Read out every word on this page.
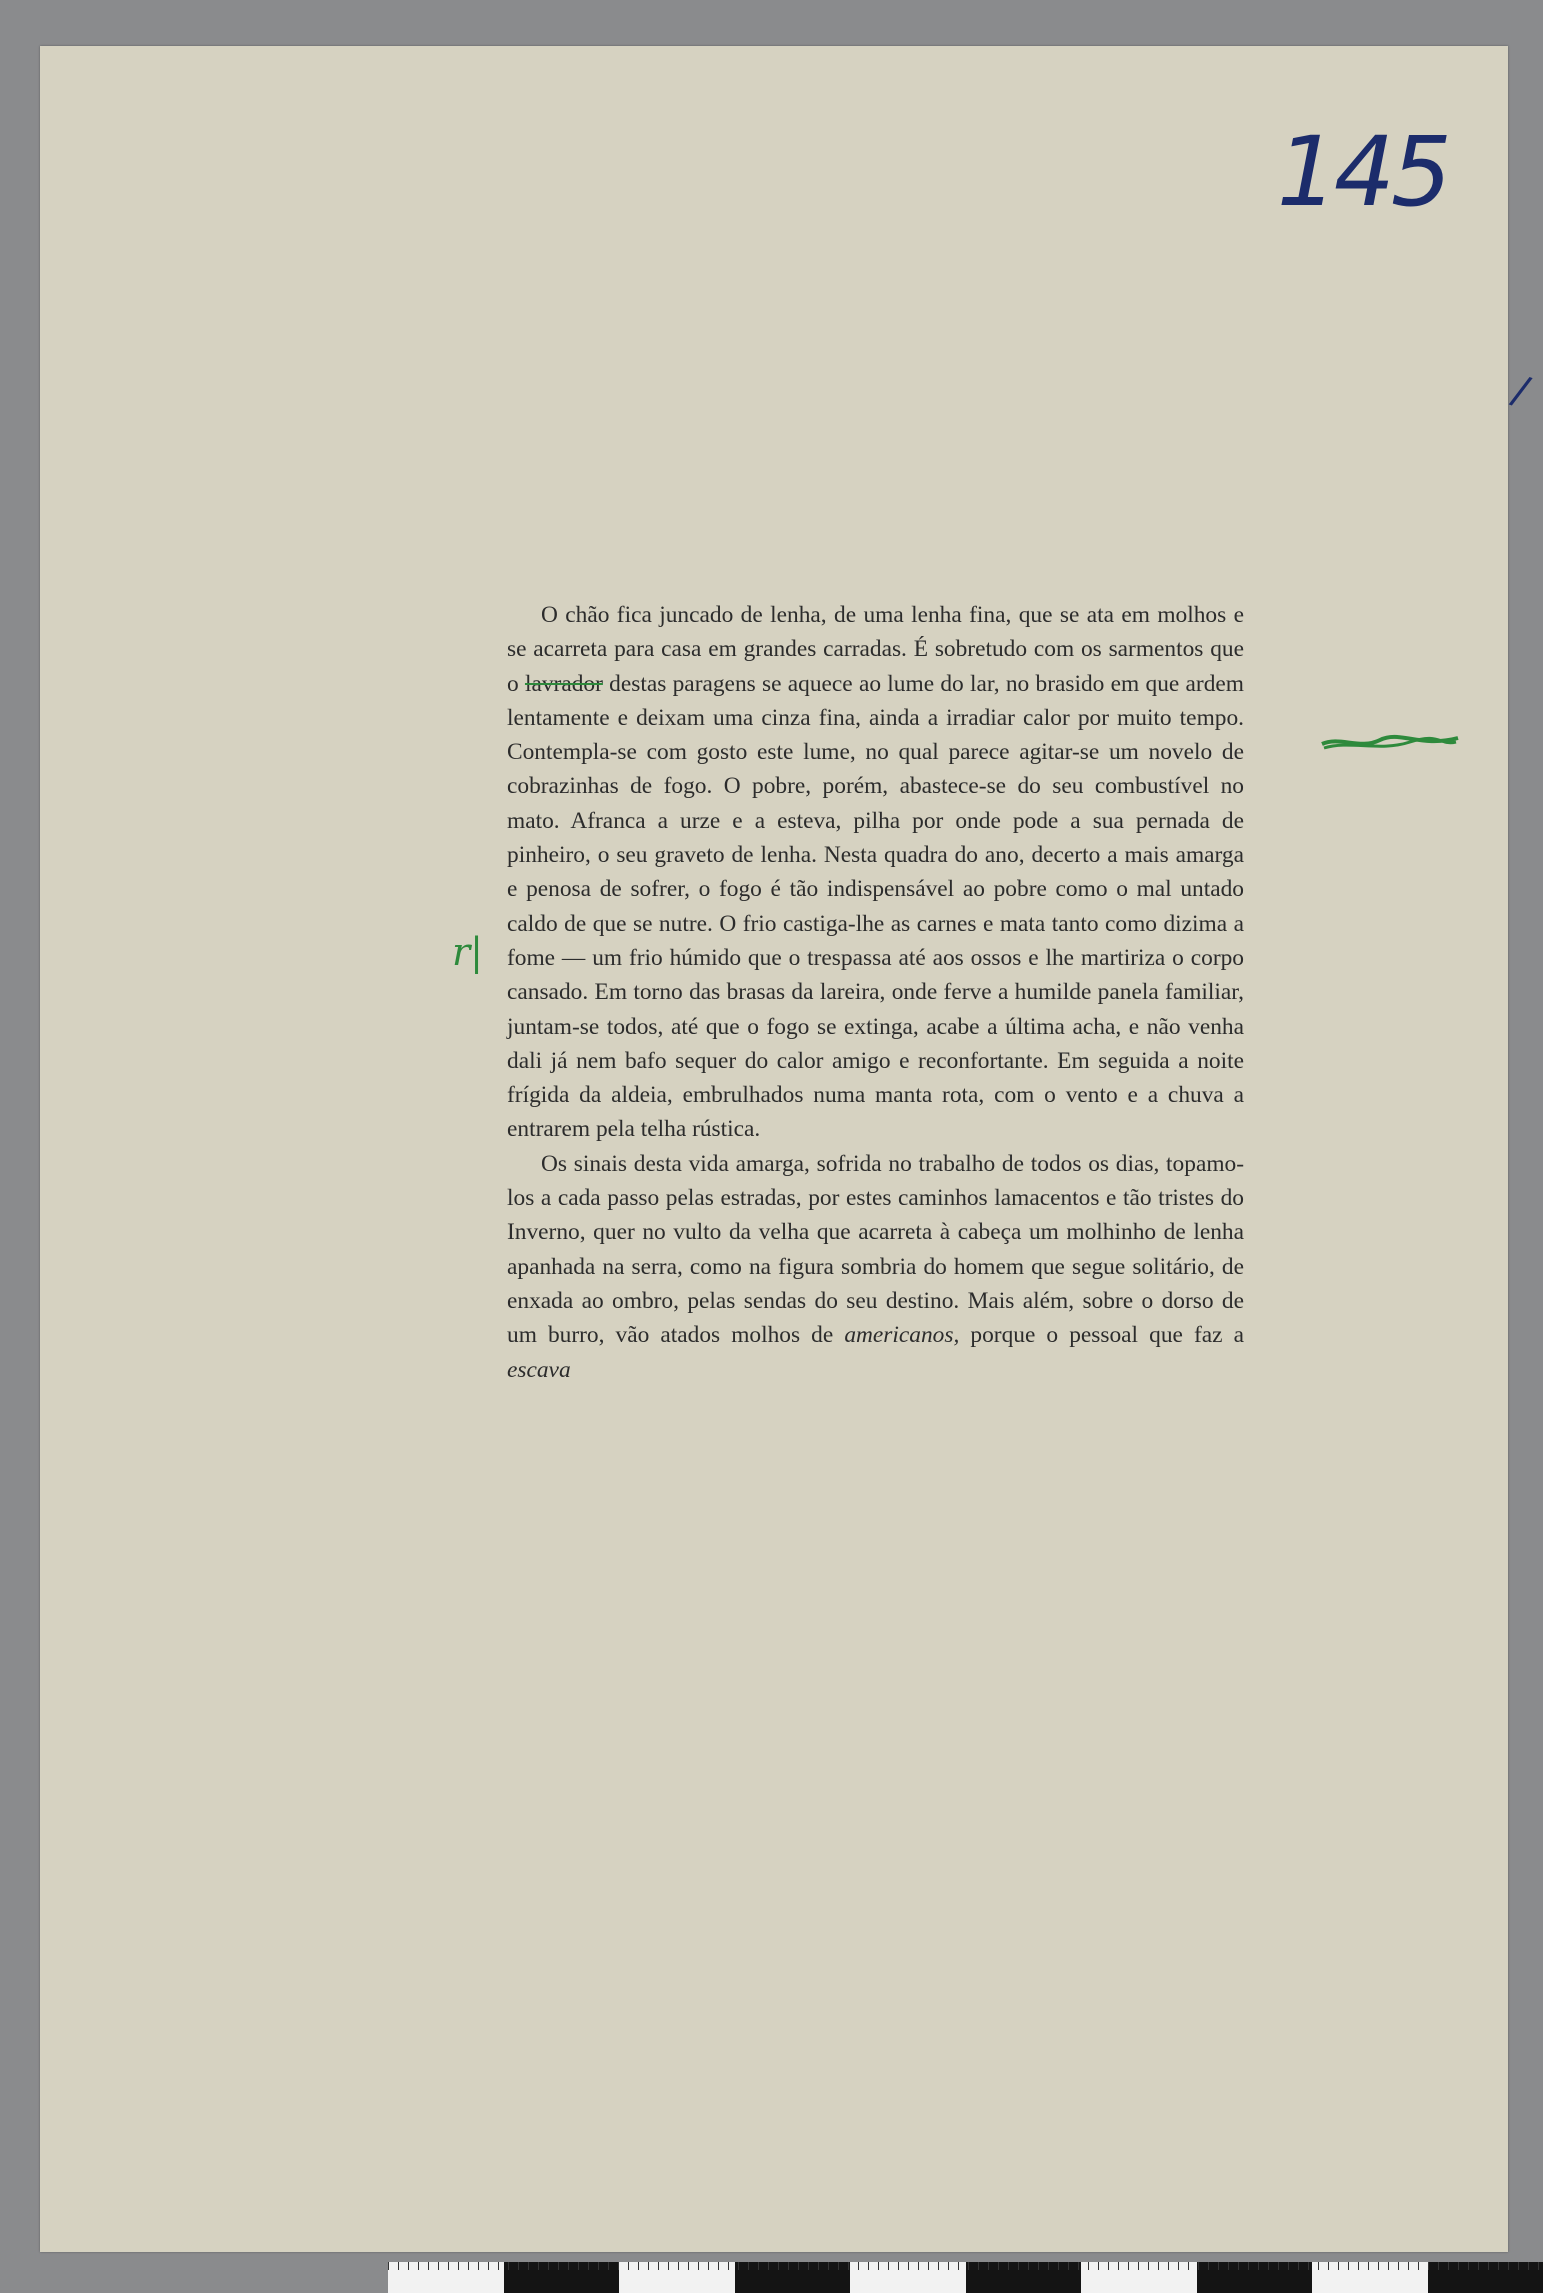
145
/
r|

O chão fica juncado de lenha, de uma lenha fina, que se ata em molhos e se acarreta para casa em grandes carradas. É sobretudo com os sarmentos que o lavrador destas paragens se aquece ao lume do lar, no brasido em que ardem lentamente e deixam uma cinza fina, ainda a irradiar calor por muito tempo. Contempla-se com gosto este lume, no qual parece agitar-se um novelo de cobrazinhas de fogo. O pobre, porém, abastece-se do seu combustível no mato. Afranca a urze e a esteva, pilha por onde pode a sua pernada de pinheiro, o seu graveto de lenha. Nesta quadra do ano, decerto a mais amarga e penosa de sofrer, o fogo é tão indispensável ao pobre como o mal untado caldo de que se nutre. O frio castiga-lhe as carnes e mata tanto como dizima a fome — um frio húmido que o trespassa até aos ossos e lhe martiriza o corpo cansado. Em torno das brasas da lareira, onde ferve a humilde panela familiar, juntam-se todos, até que o fogo se extinga, acabe a última acha, e não venha dali já nem bafo sequer do calor amigo e reconfortante. Em seguida a noite frígida da aldeia, embrulhados numa manta rota, com o vento e a chuva a entrarem pela telha rústica.

Os sinais desta vida amarga, sofrida no trabalho de todos os dias, topamo-los a cada passo pelas estradas, por estes caminhos lamacentos e tão tristes do Inverno, quer no vulto da velha que acarreta à cabeça um molhinho de lenha apanhada na serra, como na figura sombria do homem que segue solitário, de enxada ao ombro, pelas sendas do seu destino. Mais além, sobre o dorso de um burro, vão atados molhos de americanos, porque o pessoal que faz a escava
